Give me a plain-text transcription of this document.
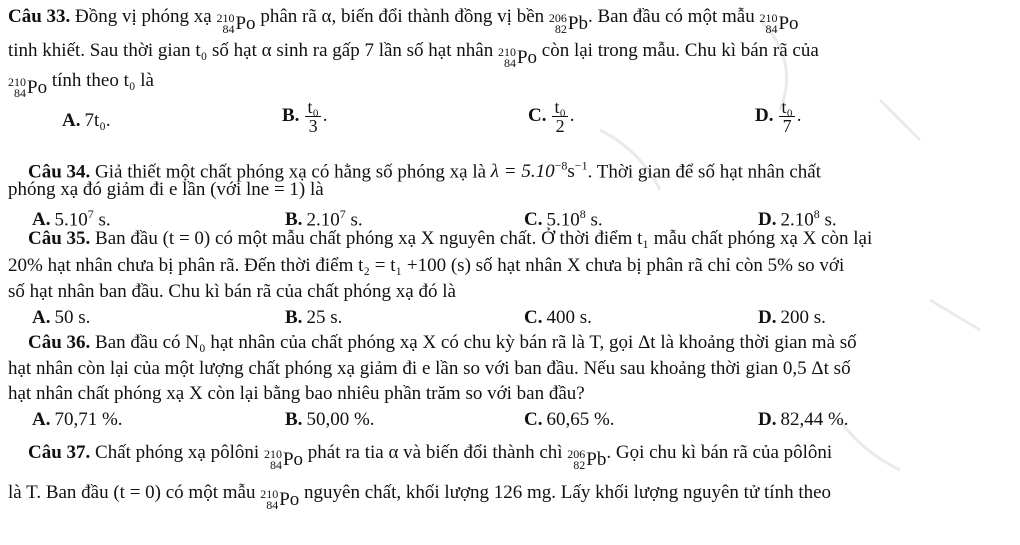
Câu 33. Đồng vị phóng xạ 210
84 Po phân rã α, biến đổi thành đồng vị bền 206
82 Pb . Ban đầu có một mẫu 210
84 Po
tinh khiết. Sau thời gian t₀ số hạt α sinh ra gấp 7 lần số hạt nhân 210
84 Po còn lại trong mẫu. Chu kì bán rã của
210
84 Po tính theo t₀ là
A. 7t₀.	B. $\frac{\text{t₀}}{3}$ .	C. $\frac{\text{t₀}}{2}$ .	D. $\frac{\text{t₀}}{7}$ .
Câu 34. Giả thiết một chất phóng xạ có hằng số phóng xạ là $\lambda = 5.10^{-8}s^{-1}$. Thời gian để số hạt nhân chất
phóng xạ đó giảm đi e lần (với lne = 1) là
A. 5.10$^7$ s.	B. 2.10$^7$ s.	C. 5.10$^8$ s.	D. 2.10$^8$ s.
Câu 35. Ban đầu (t = 0) có một mẫu chất phóng xạ X nguyên chất. Ở thời điểm t₁ mẫu chất phóng xạ X còn lại
20% hạt nhân chưa bị phân rã. Đến thời điểm t₂ = t₁ +100 (s) số hạt nhân X chưa bị phân rã chỉ còn 5% so với
số hạt nhân ban đầu. Chu kì bán rã của chất phóng xạ đó là
A. 50 s.	B. 25 s.	C. 400 s.	D. 200 s.
Câu 36. Ban đầu có N₀ hạt nhân của chất phóng xạ X có chu kỳ bán rã là T, gọi Δt là khoảng thời gian mà số
hạt nhân còn lại của một lượng chất phóng xạ giảm đi e lần so với ban đầu. Nếu sau khoảng thời gian 0,5 Δt số
hạt nhân chất phóng xạ X còn lại bằng bao nhiêu phần trăm so với ban đầu?
A. 70,71 %.	B. 50,00 %.	C. 60,65 %.	D. 82,44 %.
Câu 37. Chất phóng xạ pôlôni 210
84 Po phát ra tia α và biến đổi thành chì 206
82 Pb . Gọi chu kì bán rã của pôlôni
là T. Ban đầu (t = 0) có một mẫu 210
84 Po nguyên chất, khối lượng 126 mg. Lấy khối lượng nguyên tử tính theo
